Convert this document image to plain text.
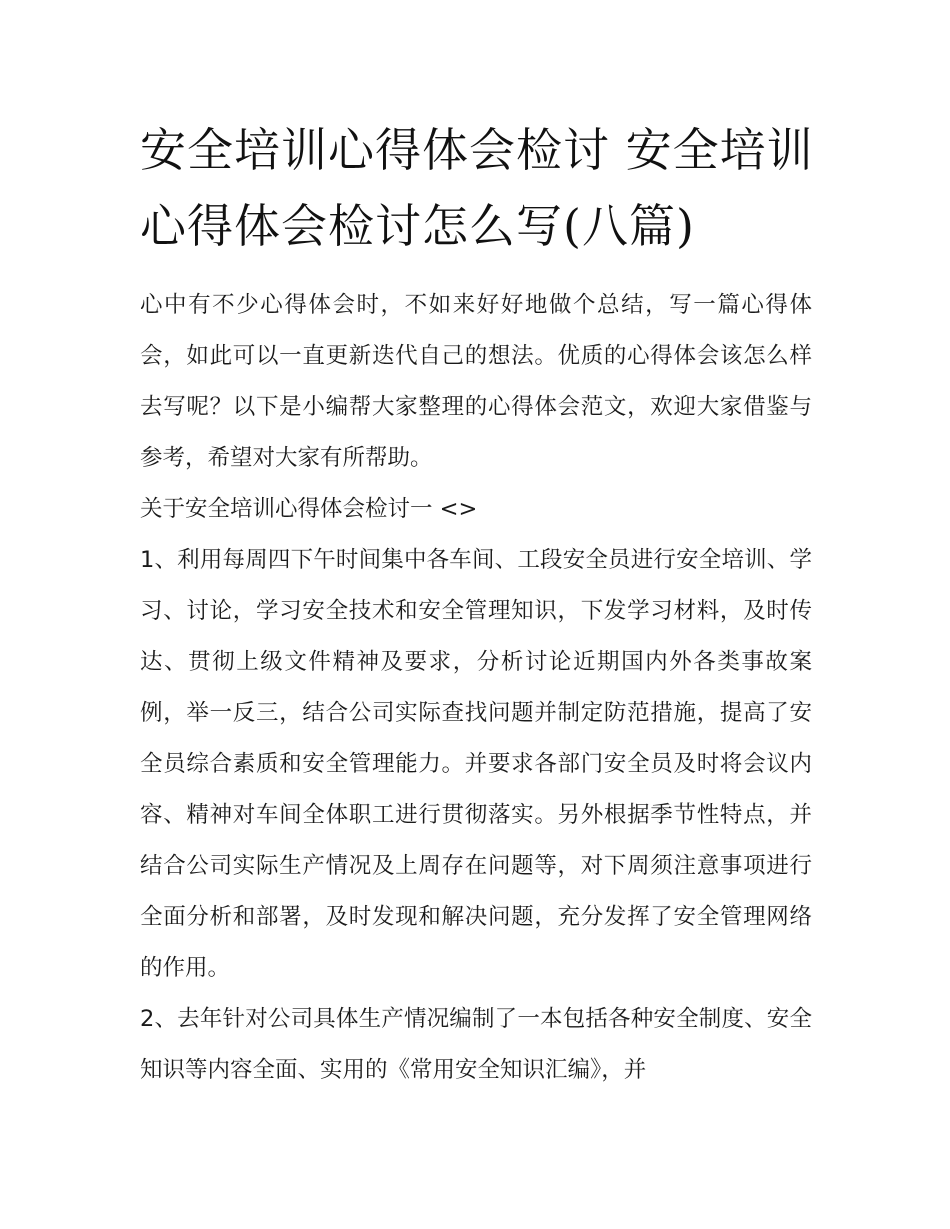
安全培训心得体会检讨 安全培训心得体会检讨怎么写(八篇)

心中有不少心得体会时，不如来好好地做个总结，写一篇心得体会，如此可以一直更新迭代自己的想法。优质的心得体会该怎么样去写呢？以下是小编帮大家整理的心得体会范文，欢迎大家借鉴与参考，希望对大家有所帮助。

关于安全培训心得体会检讨一 <>

1、利用每周四下午时间集中各车间、工段安全员进行安全培训、学习、讨论，学习安全技术和安全管理知识，下发学习材料，及时传达、贯彻上级文件精神及要求，分析讨论近期国内外各类事故案例，举一反三，结合公司实际查找问题并制定防范措施，提高了安全员综合素质和安全管理能力。并要求各部门安全员及时将会议内容、精神对车间全体职工进行贯彻落实。另外根据季节性特点，并结合公司实际生产情况及上周存在问题等，对下周须注意事项进行全面分析和部署，及时发现和解决问题，充分发挥了安全管理网络的作用。

2、去年针对公司具体生产情况编制了一本包括各种安全制度、安全知识等内容全面、实用的《常用安全知识汇编》，并
